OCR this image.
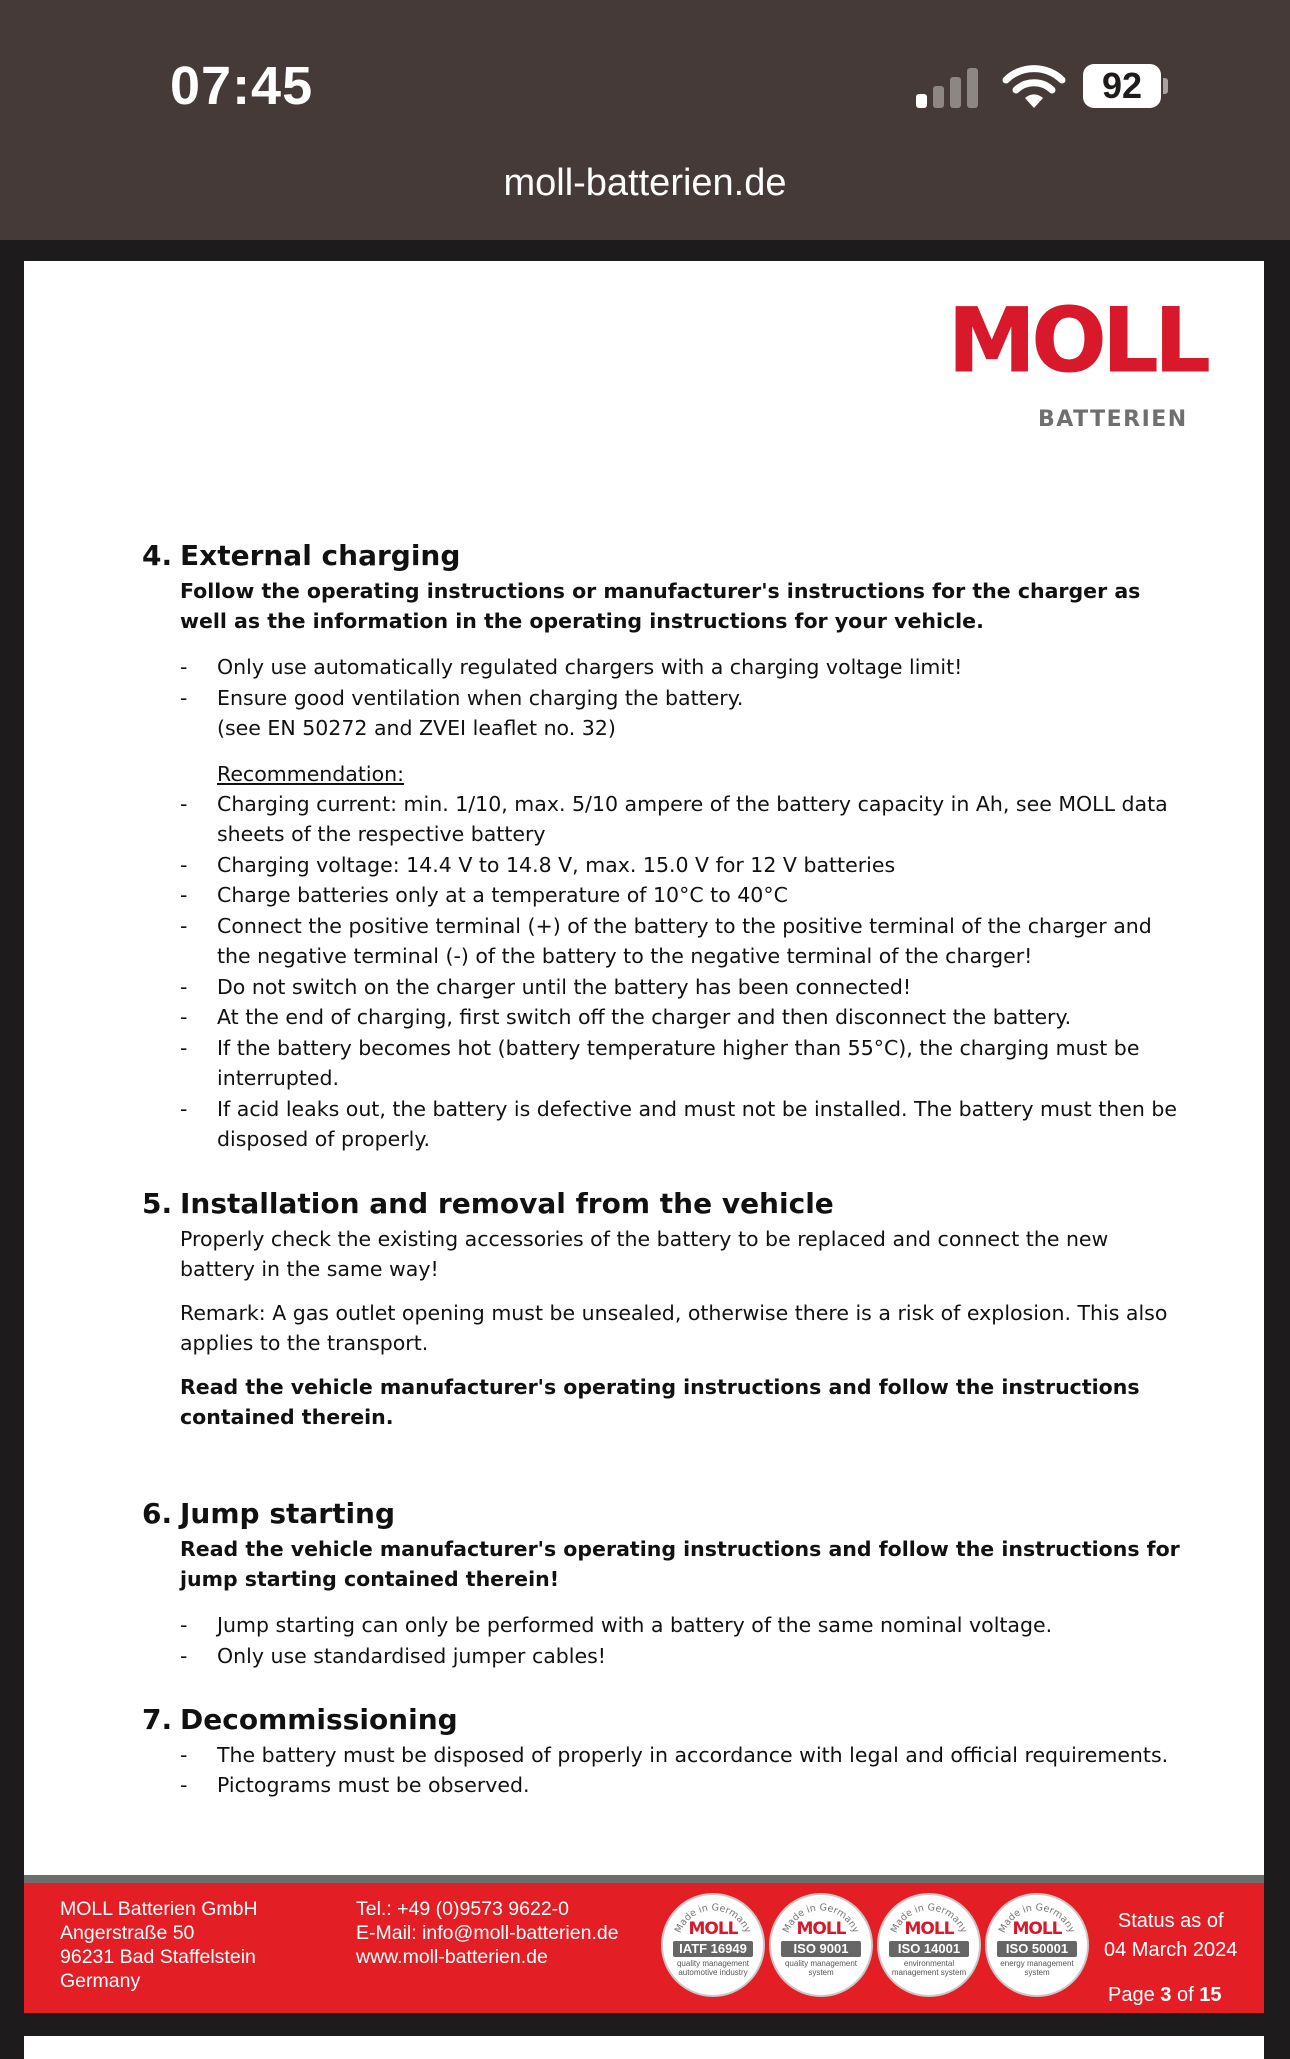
07:45	92
moll-batterien.de
MOLL
BATTERIEN
4. External charging
Follow the operating instructions or manufacturer's instructions for the charger as well as the information in the operating instructions for your vehicle.
- Only use automatically regulated chargers with a charging voltage limit!
- Ensure good ventilation when charging the battery.
(see EN 50272 and ZVEI leaflet no. 32)
Recommendation:
- Charging current: min. 1/10, max. 5/10 ampere of the battery capacity in Ah, see MOLL data sheets of the respective battery
- Charging voltage: 14.4 V to 14.8 V, max. 15.0 V for 12 V batteries
- Charge batteries only at a temperature of 10°C to 40°C
- Connect the positive terminal (+) of the battery to the positive terminal of the charger and the negative terminal (-) of the battery to the negative terminal of the charger!
- Do not switch on the charger until the battery has been connected!
- At the end of charging, first switch off the charger and then disconnect the battery.
- If the battery becomes hot (battery temperature higher than 55°C), the charging must be interrupted.
- If acid leaks out, the battery is defective and must not be installed. The battery must then be disposed of properly.
5. Installation and removal from the vehicle
Properly check the existing accessories of the battery to be replaced and connect the new battery in the same way!
Remark: A gas outlet opening must be unsealed, otherwise there is a risk of explosion. This also applies to the transport.
Read the vehicle manufacturer's operating instructions and follow the instructions contained therein.
6. Jump starting
Read the vehicle manufacturer's operating instructions and follow the instructions for jump starting contained therein!
- Jump starting can only be performed with a battery of the same nominal voltage.
- Only use standardised jumper cables!
7. Decommissioning
- The battery must be disposed of properly in accordance with legal and official requirements.
- Pictograms must be observed.
MOLL Batterien GmbH
Angerstraße 50
96231 Bad Staffelstein
Germany
Tel.: +49 (0)9573 9622-0
E-Mail: info@moll-batterien.de
www.moll-batterien.de
Made in Germany
MOLL
IATF 16949
quality management automotive industry
Made in Germany
MOLL
ISO 9001
quality management system
Made in Germany
MOLL
ISO 14001
environmental management system
Made in Germany
MOLL
ISO 50001
energy management system
Status as of
04 March 2024
Page 3 of 15
